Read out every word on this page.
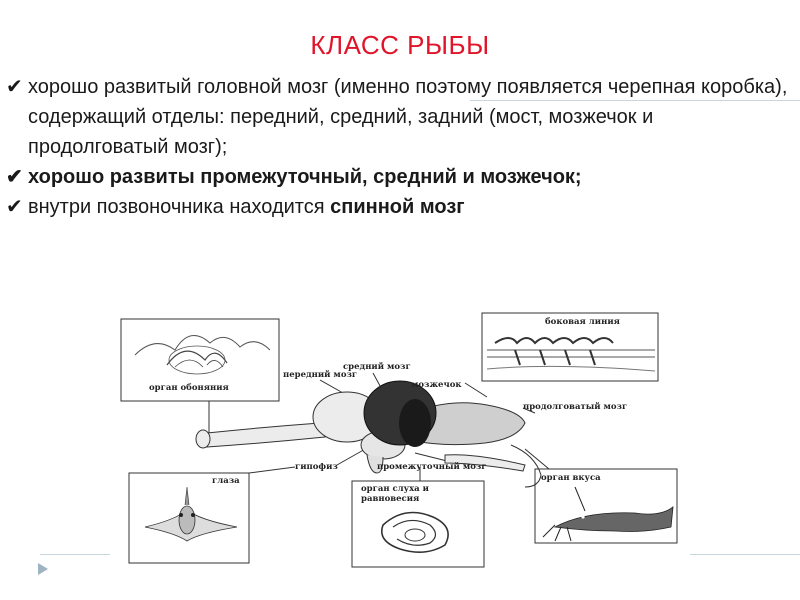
КЛАСС РЫБЫ
✔ хорошо развитый головной мозг (именно поэтому появляется черепная коробка), содержащий отделы: передний, средний, задний (мост, мозжечок и продолговатый мозг);
✔ хорошо развиты промежуточный, средний и мозжечок;
✔ внутри позвоночника находится спинной мозг
орган обоняния
боковая линия
глаза
орган слуха и
равновесия
орган вкуса
передний мозг
средний мозг
мозжечок
продолговатый мозг
гипофиз	промежуточный мозг
